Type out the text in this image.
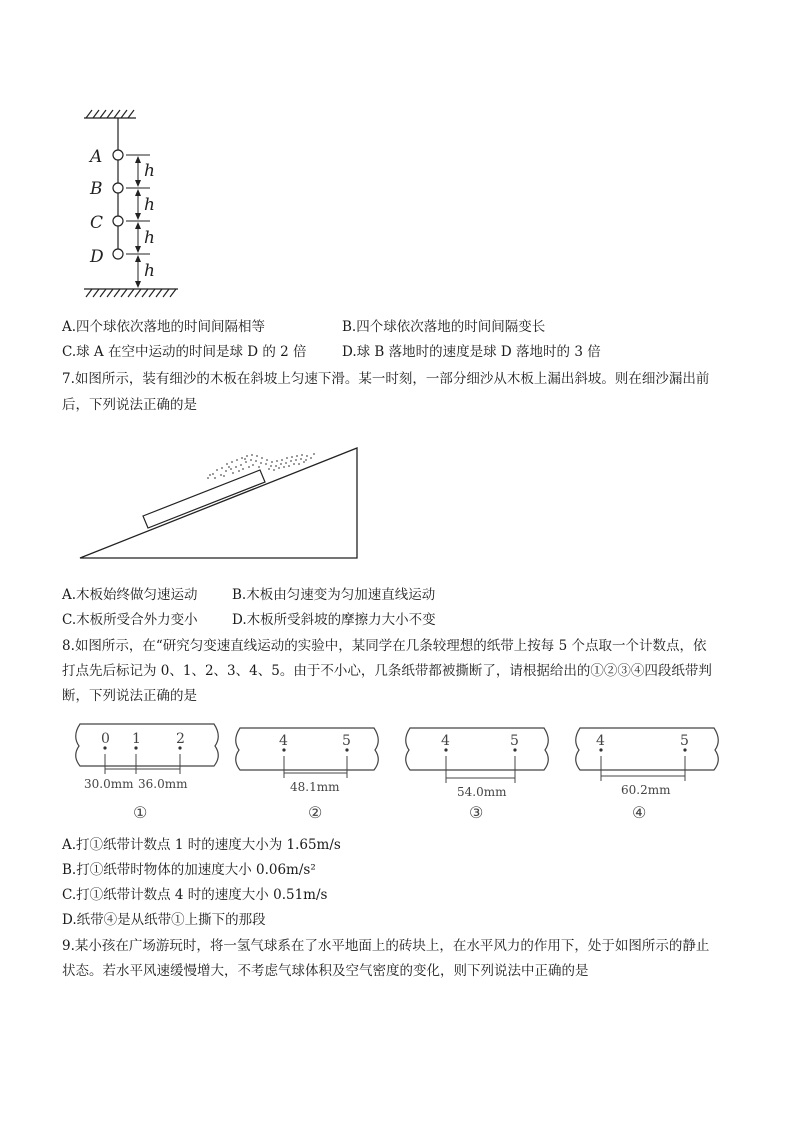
A
B
C
D
h
h
h
h
A.四个球依次落地的时间间隔相等	B.四个球依次落地的时间间隔变长
C.球 A 在空中运动的时间是球 D 的 2 倍	D.球 B 落地时的速度是球 D 落地时的 3 倍
7.如图所示，装有细沙的木板在斜坡上匀速下滑。某一时刻，一部分细沙从木板上漏出斜坡。则在细沙漏出前
后，下列说法正确的是
A.木板始终做匀速运动	B.木板由匀速变为匀加速直线运动
C.木板所受合外力变小	D.木板所受斜坡的摩擦力大小不变
8.如图所示，在“研究匀变速直线运动的实验中，某同学在几条较理想的纸带上按每 5 个点取一个计数点，依
打点先后标记为 0、1、2、3、4、5。由于不小心，几条纸带都被撕断了，请根据给出的①②③④四段纸带判
断，下列说法正确的是
0 1	2	4	5	4	5	4	5
30.0mm 36.0mm	48.1mm	54.0mm	60.2mm
①	②	③	④
A.打①纸带计数点 1 时的速度大小为 1.65m/s
B.打①纸带时物体的加速度大小 0.06m/s²
C.打①纸带计数点 4 时的速度大小 0.51m/s
D.纸带④是从纸带①上撕下的那段
9.某小孩在广场游玩时，将一氢气球系在了水平地面上的砖块上，在水平风力的作用下，处于如图所示的静止
状态。若水平风速缓慢增大，不考虑气球体积及空气密度的变化，则下列说法中正确的是
